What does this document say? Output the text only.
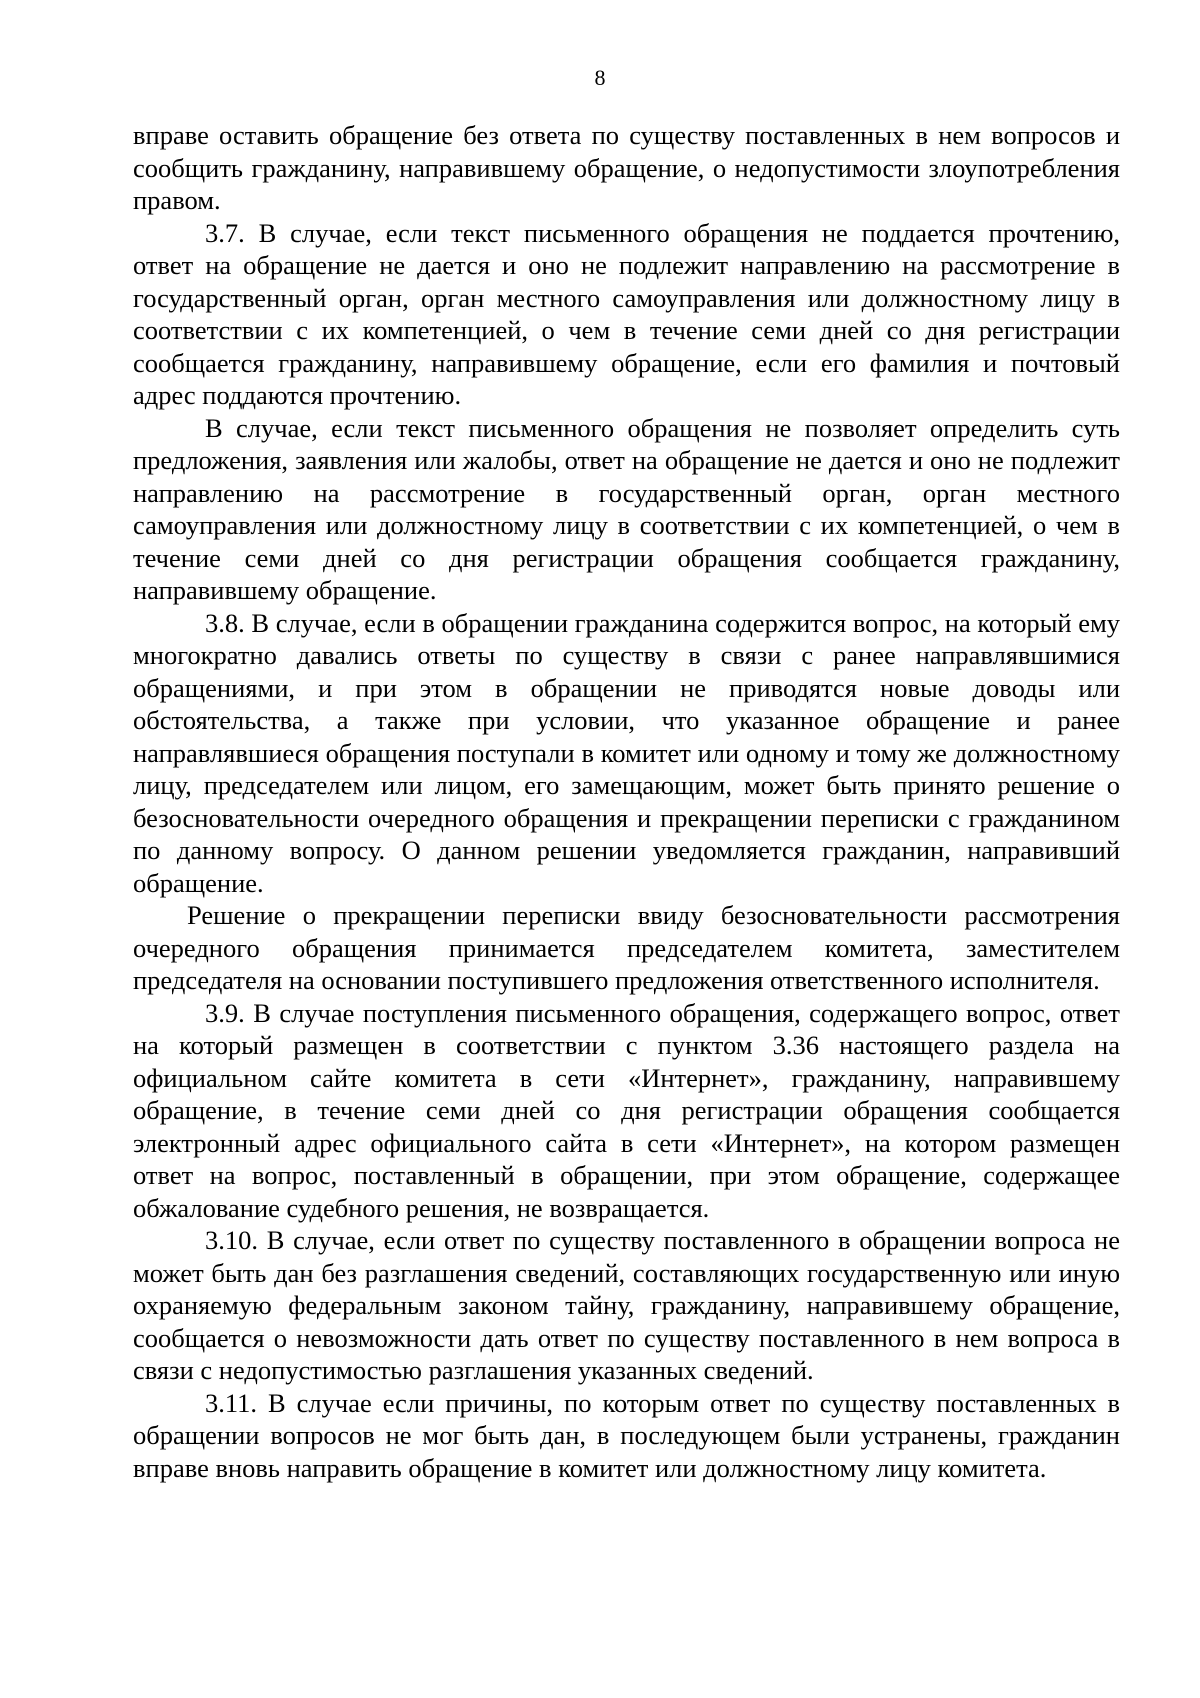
8

вправе оставить обращение без ответа по существу поставленных в нем вопросов и сообщить гражданину, направившему обращение, о недопустимости злоупотребления правом.

3.7. В случае, если текст письменного обращения не поддается прочтению, ответ на обращение не дается и оно не подлежит направлению на рассмотрение в государственный орган, орган местного самоуправления или должностному лицу в соответствии с их компетенцией, о чем в течение семи дней со дня регистрации сообщается гражданину, направившему обращение, если его фамилия и почтовый адрес поддаются прочтению.

В случае, если текст письменного обращения не позволяет определить суть предложения, заявления или жалобы, ответ на обращение не дается и оно не подлежит направлению на рассмотрение в государственный орган, орган местного самоуправления или должностному лицу в соответствии с их компетенцией, о чем в течение семи дней со дня регистрации обращения сообщается гражданину, направившему обращение.

3.8. В случае, если в обращении гражданина содержится вопрос, на который ему многократно давались ответы по существу в связи с ранее направлявшимися обращениями, и при этом в обращении не приводятся новые доводы или обстоятельства, а также при условии, что указанное обращение и ранее направлявшиеся обращения поступали в комитет или одному и тому же должностному лицу, председателем или лицом, его замещающим, может быть принято решение о безосновательности очередного обращения и прекращении переписки с гражданином по данному вопросу. О данном решении уведомляется гражданин, направивший обращение.

Решение о прекращении переписки ввиду безосновательности рассмотрения очередного обращения принимается председателем комитета, заместителем председателя на основании поступившего предложения ответственного исполнителя.

3.9. В случае поступления письменного обращения, содержащего вопрос, ответ на который размещен в соответствии с пунктом 3.36 настоящего раздела на официальном сайте комитета в сети «Интернет», гражданину, направившему обращение, в течение семи дней со дня регистрации обращения сообщается электронный адрес официального сайта в сети «Интернет», на котором размещен ответ на вопрос, поставленный в обращении, при этом обращение, содержащее обжалование судебного решения, не возвращается.

3.10. В случае, если ответ по существу поставленного в обращении вопроса не может быть дан без разглашения сведений, составляющих государственную или иную охраняемую федеральным законом тайну, гражданину, направившему обращение, сообщается о невозможности дать ответ по существу поставленного в нем вопроса в связи с недопустимостью разглашения указанных сведений.

3.11. В случае если причины, по которым ответ по существу поставленных в обращении вопросов не мог быть дан, в последующем были устранены, гражданин вправе вновь направить обращение в комитет или должностному лицу комитета.
